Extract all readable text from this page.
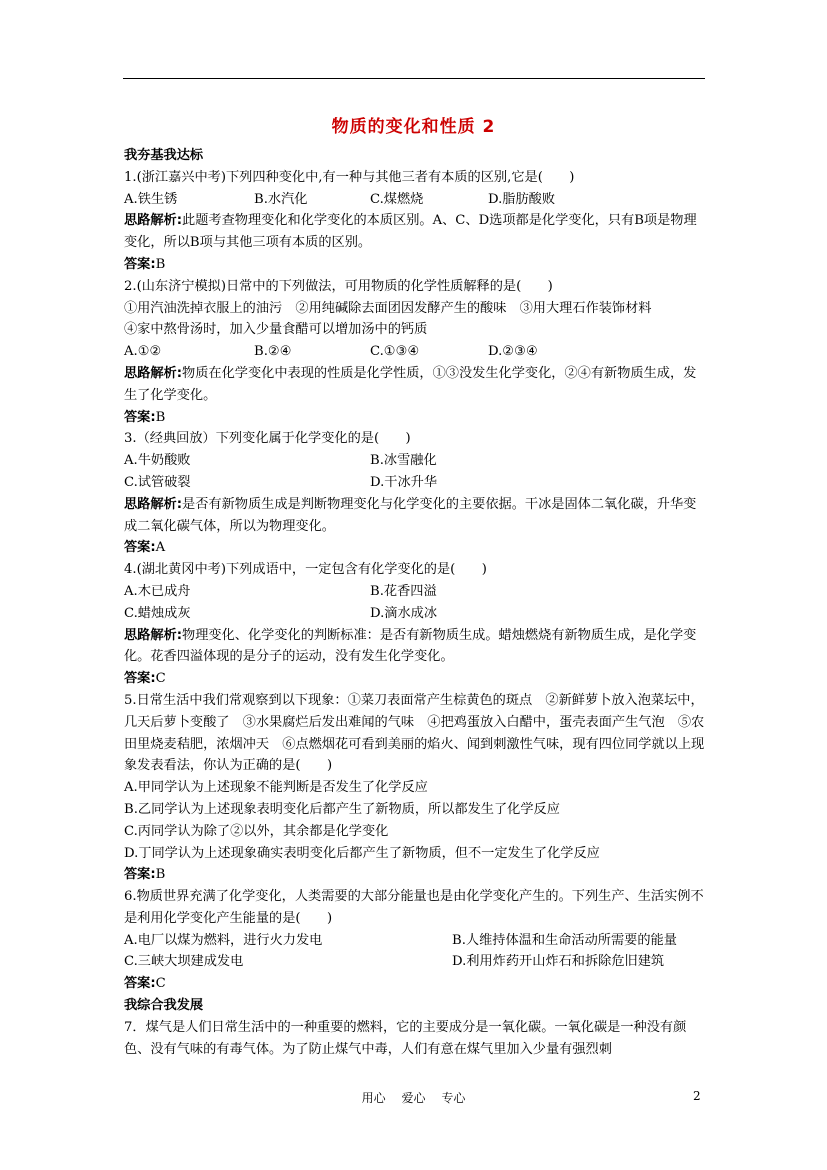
物质的变化和性质 2
我夯基我达标
1.(浙江嘉兴中考)下列四种变化中,有一种与其他三者有本质的区别,它是(　　)
A.铁生锈	B.水汽化	C.煤燃烧	D.脂肪酸败
思路解析:此题考查物理变化和化学变化的本质区别。A、C、D选项都是化学变化，只有B项是物理变化，所以B项与其他三项有本质的区别。
答案:B
2.(山东济宁模拟)日常中的下列做法，可用物质的化学性质解释的是(　　)
①用汽油洗掉衣服上的油污　②用纯碱除去面团因发酵产生的酸味　③用大理石作装饰材料
④家中熬骨汤时，加入少量食醋可以增加汤中的钙质
A.①②	B.②④	C.①③④	D.②③④
思路解析:物质在化学变化中表现的性质是化学性质，①③没发生化学变化，②④有新物质生成，发生了化学变化。
答案:B
3.（经典回放）下列变化属于化学变化的是(　　)
A.牛奶酸败	B.冰雪融化
C.试管破裂	D.干冰升华
思路解析:是否有新物质生成是判断物理变化与化学变化的主要依据。干冰是固体二氧化碳，升华变成二氧化碳气体，所以为物理变化。
答案:A
4.(湖北黄冈中考)下列成语中，一定包含有化学变化的是(　　)
A.木已成舟	B.花香四溢
C.蜡烛成灰	D.滴水成冰
思路解析:物理变化、化学变化的判断标准：是否有新物质生成。蜡烛燃烧有新物质生成，是化学变化。花香四溢体现的是分子的运动，没有发生化学变化。
答案:C
5.日常生活中我们常观察到以下现象：①菜刀表面常产生棕黄色的斑点　②新鲜萝卜放入泡菜坛中，几天后萝卜变酸了　③水果腐烂后发出难闻的气味　④把鸡蛋放入白醋中，蛋壳表面产生气泡　⑤农田里烧麦秸肥，浓烟冲天　⑥点燃烟花可看到美丽的焰火、闻到刺激性气味，现有四位同学就以上现象发表看法，你认为正确的是(　　)
A.甲同学认为上述现象不能判断是否发生了化学反应
B.乙同学认为上述现象表明变化后都产生了新物质，所以都发生了化学反应
C.丙同学认为除了②以外，其余都是化学变化
D.丁同学认为上述现象确实表明变化后都产生了新物质，但不一定发生了化学反应
答案:B
6.物质世界充满了化学变化，人类需要的大部分能量也是由化学变化产生的。下列生产、生活实例不是利用化学变化产生能量的是(　　)
A.电厂以煤为燃料，进行火力发电	B.人维持体温和生命活动所需要的能量
C.三峡大坝建成发电	D.利用炸药开山炸石和拆除危旧建筑
答案:C
我综合我发展
7．煤气是人们日常生活中的一种重要的燃料，它的主要成分是一氧化碳。一氧化碳是一种没有颜色、没有气味的有毒气体。为了防止煤气中毒，人们有意在煤气里加入少量有强烈刺
用心 爱心 专心	2
